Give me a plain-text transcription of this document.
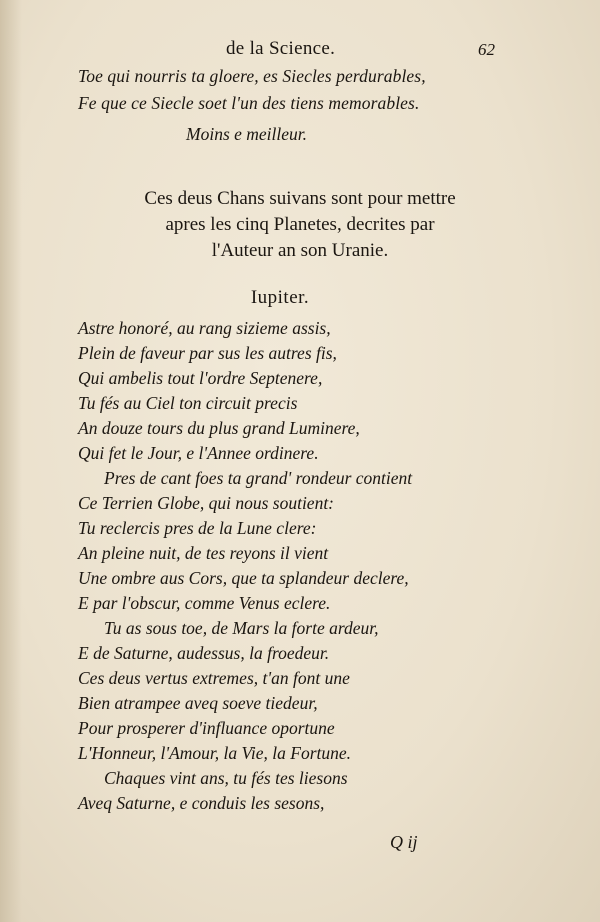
de la Science.	62
Toe qui nourris ta gloere, es Siecles perdurables,
Fe que ce Siecle soet l'un des tiens memorables.
Moins e meilleur.
Ces deus Chans suivans sont pour mettre
apres les cinq Planetes, decrites par
l'Auteur an son Uranie.
Iupiter.
Astre honoré, au rang sizieme assis,
Plein de faveur par sus les autres fis,
Qui ambelis tout l'ordre Septenere,
Tu fés au Ciel ton circuit precis
An douze tours du plus grand Luminere,
Qui fet le Jour, e l'Annee ordinere.
Pres de cant foes ta grand' rondeur contient
Ce Terrien Globe, qui nous soutient:
Tu reclercis pres de la Lune clere:
An pleine nuit, de tes reyons il vient
Une ombre aus Cors, que ta splandeur declere,
E par l'obscur, comme Venus eclere.
Tu as sous toe, de Mars la forte ardeur,
E de Saturne, audessus, la froedeur.
Ces deus vertus extremes, t'an font une
Bien atrampee aveq soeve tiedeur,
Pour prosperer d'influance oportune
L'Honneur, l'Amour, la Vie, la Fortune.
Chaques vint ans, tu fés tes liesons
Aveq Saturne, e conduis les sesons,
Q ij
